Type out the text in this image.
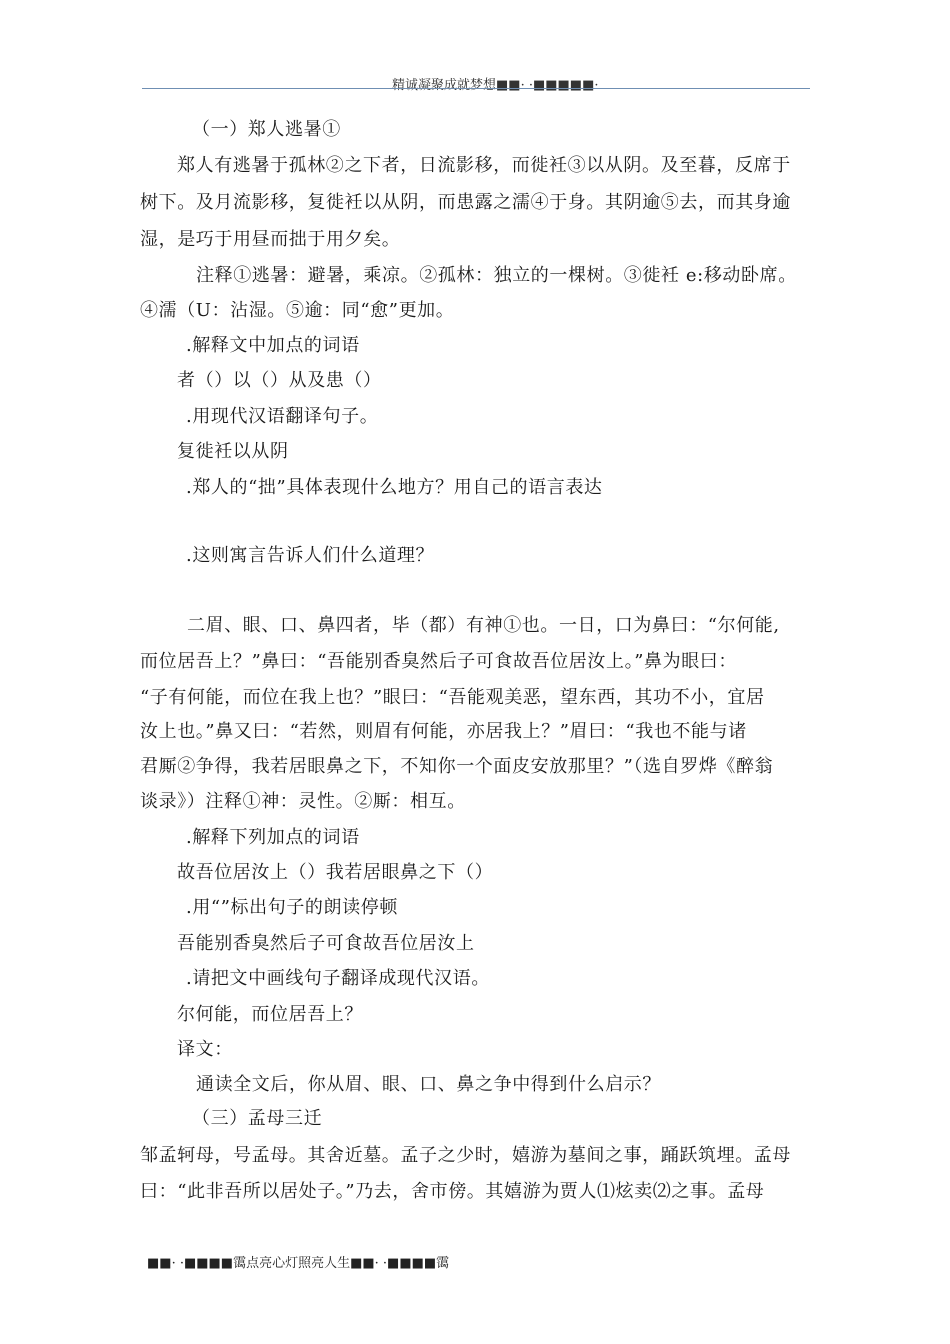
精诚凝聚成就梦想■■· ·■■■■■·
（一）郑人逃暑①
郑人有逃暑于孤林②之下者，日流影移，而徙衽③以从阴。及至暮，反席于
树下。及月流影移，复徙衽以从阴，而患露之濡④于身。其阴逾⑤去，而其身逾
湿，是巧于用昼而拙于用夕矣。
注释①逃暑：避暑，乘凉。②孤林：独立的一棵树。③徙衽 e:移动卧席。
④濡（U：沾湿。⑤逾：同“愈”更加。
.解释文中加点的词语
者（）以（）从及患（）
.用现代汉语翻译句子。
复徙衽以从阴
.郑人的“拙”具体表现什么地方？用自己的语言表达
.这则寓言告诉人们什么道理？
二眉、眼、口、鼻四者，毕（都）有神①也。一日，口为鼻曰：“尔何能,
而位居吾上？”鼻曰：“吾能别香臭然后子可食故吾位居汝上。”鼻为眼曰：
“子有何能，而位在我上也？”眼曰：“吾能观美恶，望东西，其功不小，宜居
汝上也。”鼻又曰：“若然，则眉有何能，亦居我上？”眉曰：“我也不能与诸
君厮②争得，我若居眼鼻之下，不知你一个面皮安放那里？”（选自罗烨《醉翁
谈录》）注释①神：灵性。②厮：相互。
.解释下列加点的词语
故吾位居汝上（）我若居眼鼻之下（）
.用“”标出句子的朗读停顿
吾能别香臭然后子可食故吾位居汝上
.请把文中画线句子翻译成现代汉语。
尔何能，而位居吾上？
译文：
通读全文后，你从眉、眼、口、鼻之争中得到什么启示？
（三）孟母三迁
邹孟轲母，号孟母。其舍近墓。孟子之少时，嬉游为墓间之事，踊跃筑埋。孟母
曰：“此非吾所以居处子。”乃去，舍市傍。其嬉游为贾人⑴炫卖⑵之事。孟母
■■· ·■■■■霭点亮心灯照亮人生■■· ·■■■■霭
